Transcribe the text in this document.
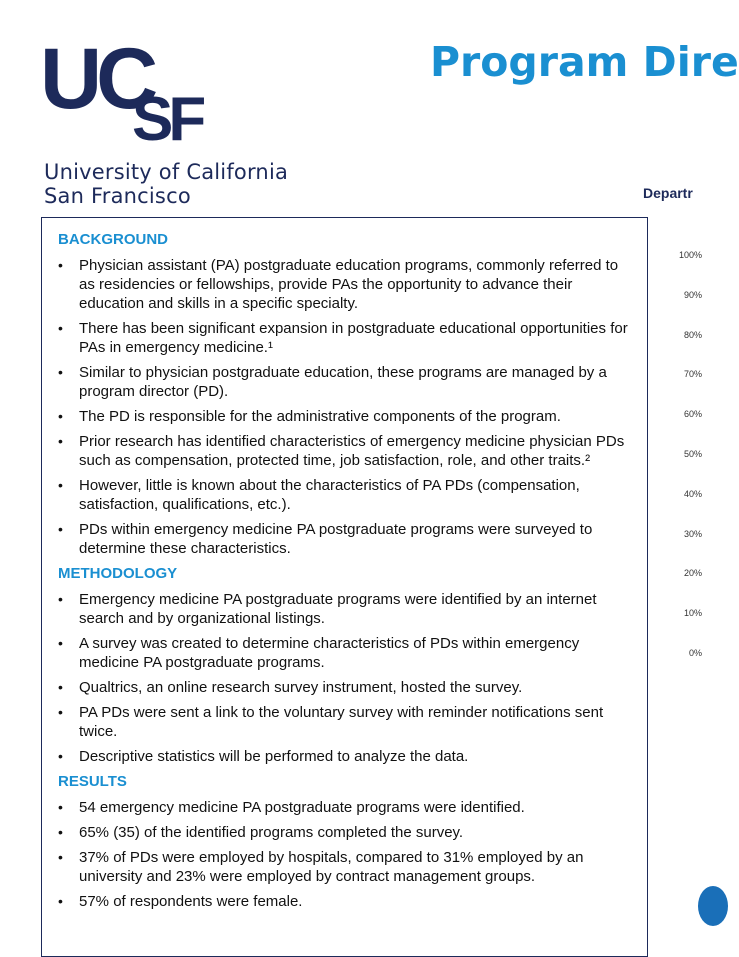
UC
SF
University of California
San Francisco
Program Dire
Departr
100%
90%
80%
70%
60%
50%
40%
30%
20%
10%
0%
BACKGROUND
• Physician assistant (PA) postgraduate education programs, commonly referred to as residencies or fellowships, provide PAs the opportunity to advance their education and skills in a specific specialty.
• There has been significant expansion in postgraduate educational opportunities for PAs in emergency medicine.¹
• Similar to physician postgraduate education, these programs are managed by a program director (PD).
• The PD is responsible for the administrative components of the program.
• Prior research has identified characteristics of emergency medicine physician PDs such as compensation, protected time, job satisfaction, role, and other traits.²
• However, little is known about the characteristics of PA PDs (compensation, satisfaction, qualifications, etc.).
• PDs within emergency medicine PA postgraduate programs were surveyed to determine these characteristics.
METHODOLOGY
• Emergency medicine PA postgraduate programs were identified by an internet search and by organizational listings.
• A survey was created to determine characteristics of PDs within emergency medicine PA postgraduate programs.
• Qualtrics, an online research survey instrument, hosted the survey.
• PA PDs were sent a link to the voluntary survey with reminder notifications sent twice.
• Descriptive statistics will be performed to analyze the data.
RESULTS
• 54 emergency medicine PA postgraduate programs were identified.
• 65% (35) of the identified programs completed the survey.
• 37% of PDs were employed by hospitals, compared to 31% employed by an university and 23% were employed by contract management groups.
• 57% of respondents were female.
